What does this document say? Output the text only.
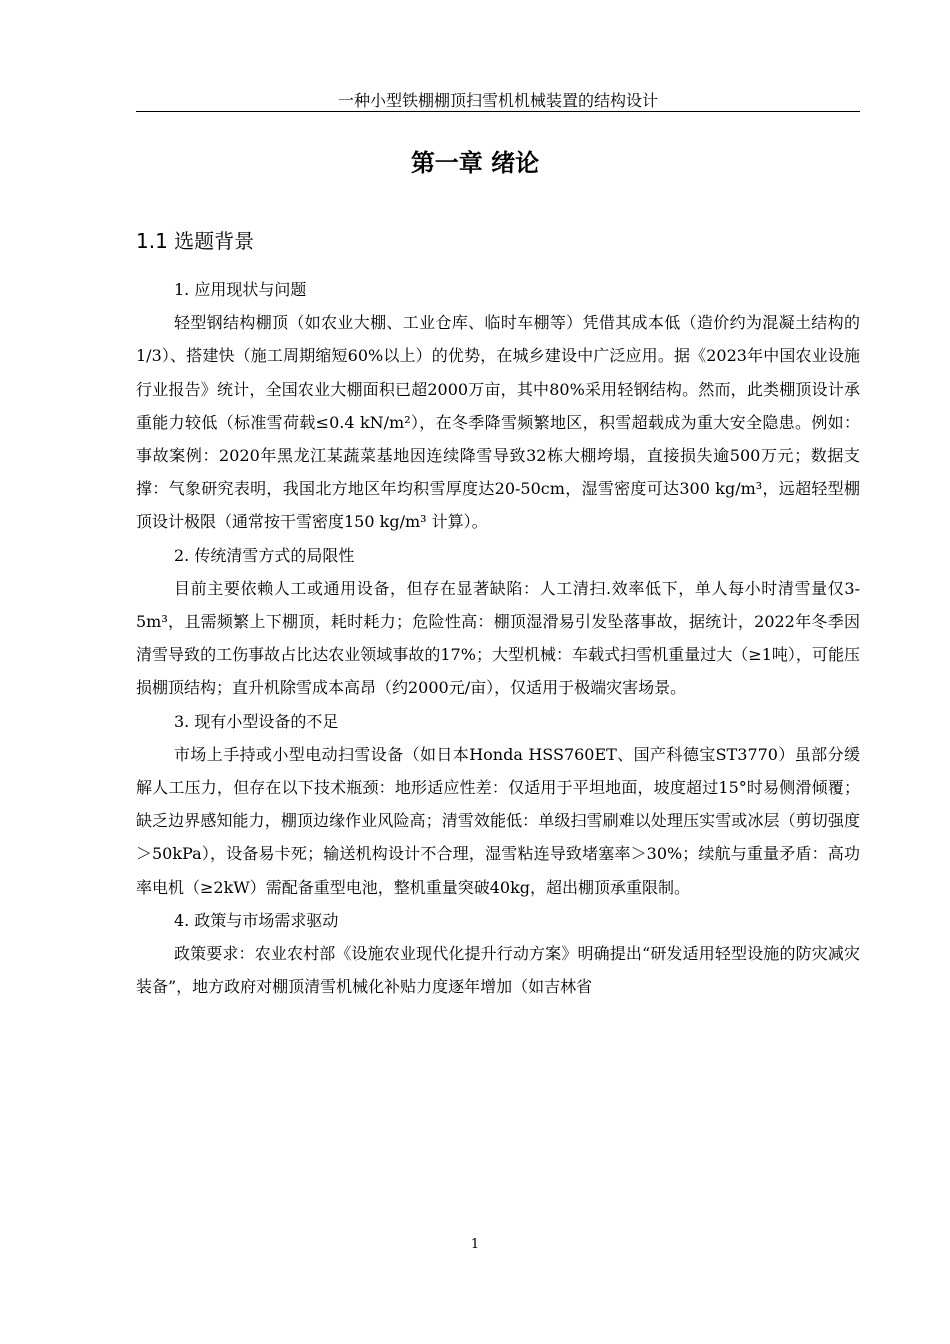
一种小型铁棚棚顶扫雪机机械装置的结构设计
第一章 绪论
1.1 选题背景

1. 应用现状与问题

轻型钢结构棚顶（如农业大棚、工业仓库、临时车棚等）凭借其成本低（造价约为混凝土结构的1/3）、搭建快（施工周期缩短60%以上）的优势，在城乡建设中广泛应用。据《2023年中国农业设施行业报告》统计，全国农业大棚面积已超2000万亩，其中80%采用轻钢结构。然而，此类棚顶设计承重能力较低（标准雪荷载≤0.4 kN/m²），在冬季降雪频繁地区，积雪超载成为重大安全隐患。例如：事故案例：2020年黑龙江某蔬菜基地因连续降雪导致32栋大棚垮塌，直接损失逾500万元；数据支撑：气象研究表明，我国北方地区年均积雪厚度达20-50cm，湿雪密度可达300 kg/m³，远超轻型棚顶设计极限（通常按干雪密度150 kg/m³ 计算）。

2. 传统清雪方式的局限性

目前主要依赖人工或通用设备，但存在显著缺陷：人工清扫.效率低下，单人每小时清雪量仅3-5m³，且需频繁上下棚顶，耗时耗力；危险性高：棚顶湿滑易引发坠落事故，据统计，2022年冬季因清雪导致的工伤事故占比达农业领域事故的17%；大型机械：车载式扫雪机重量过大（≥1吨），可能压损棚顶结构；直升机除雪成本高昂（约2000元/亩），仅适用于极端灾害场景。

3. 现有小型设备的不足

市场上手持或小型电动扫雪设备（如日本Honda HSS760ET、国产科德宝ST3770）虽部分缓解人工压力，但存在以下技术瓶颈：地形适应性差：仅适用于平坦地面，坡度超过15°时易侧滑倾覆；缺乏边界感知能力，棚顶边缘作业风险高；清雪效能低：单级扫雪刷难以处理压实雪或冰层（剪切强度＞50kPa），设备易卡死；输送机构设计不合理，湿雪粘连导致堵塞率＞30%；续航与重量矛盾：高功率电机（≥2kW）需配备重型电池，整机重量突破40kg，超出棚顶承重限制。

4. 政策与市场需求驱动

政策要求：农业农村部《设施农业现代化提升行动方案》明确提出“研发适用轻型设施的防灾减灾装备”，地方政府对棚顶清雪机械化补贴力度逐年增加（如吉林省

1
